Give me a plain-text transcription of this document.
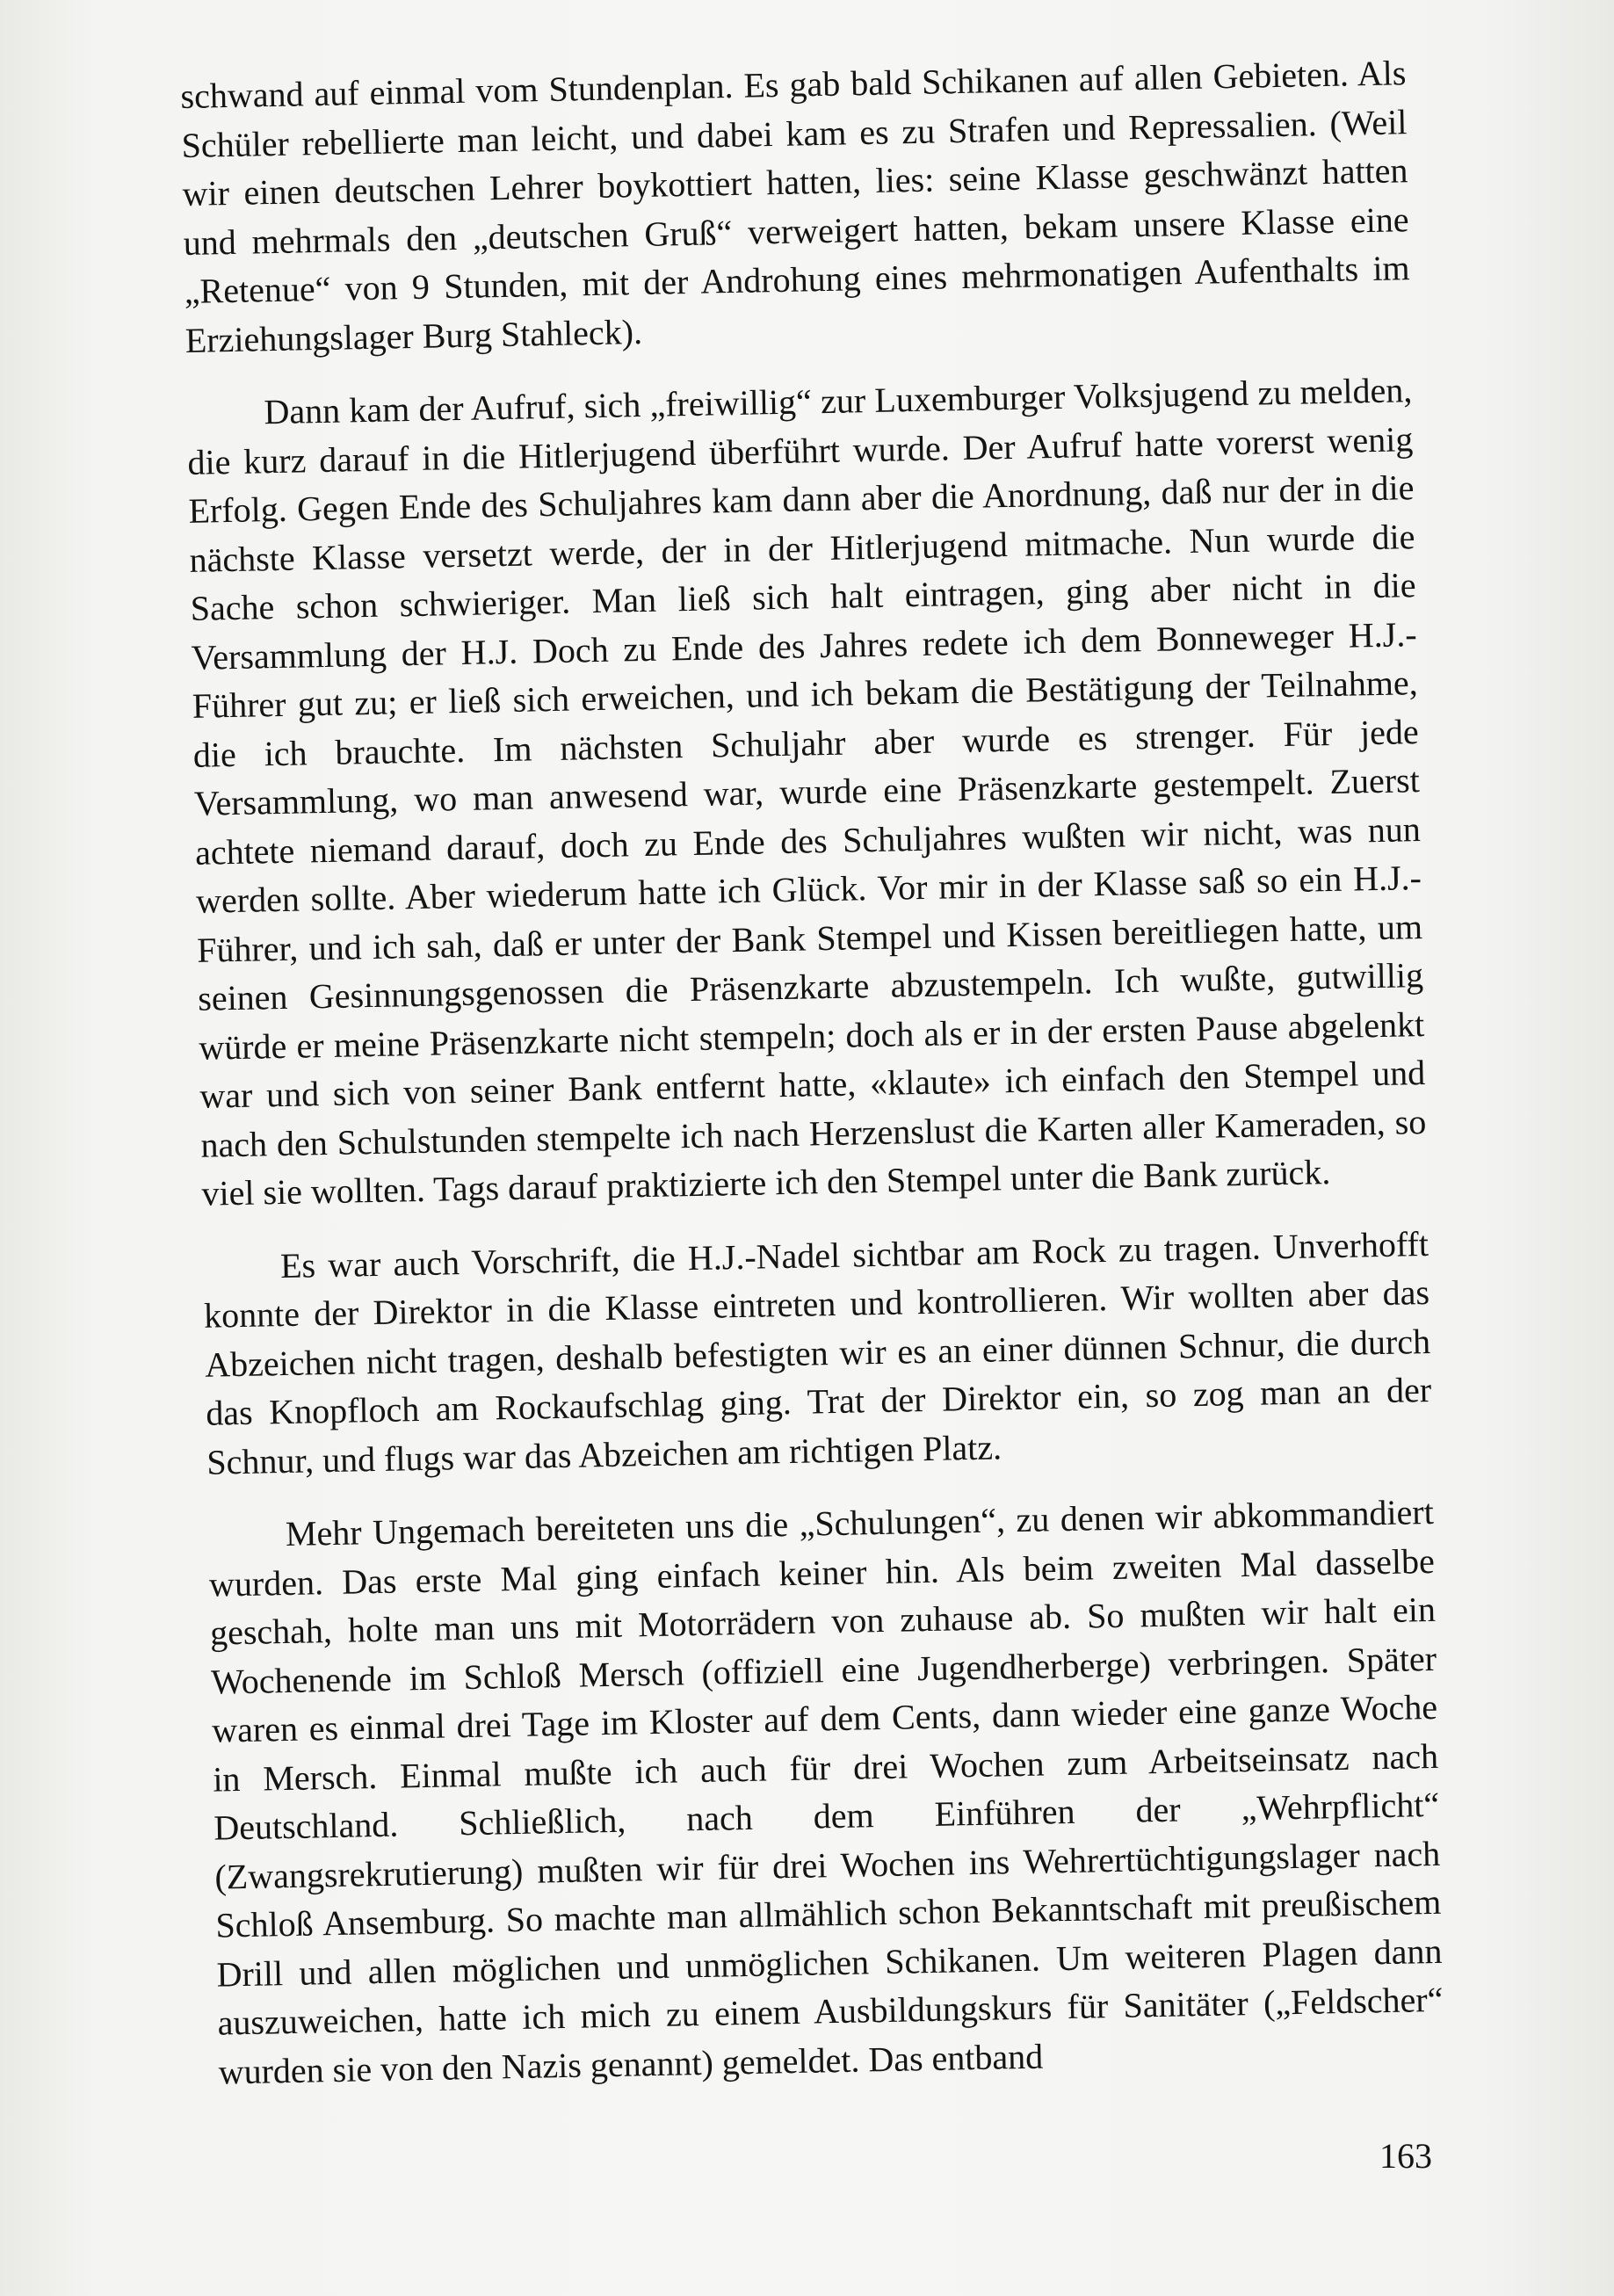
schwand auf einmal vom Stundenplan. Es gab bald Schikanen auf allen Gebieten. Als Schüler rebellierte man leicht, und dabei kam es zu Strafen und Repressalien. (Weil wir einen deutschen Lehrer boykottiert hatten, lies: seine Klasse geschwänzt hatten und mehrmals den „deutschen Gruß“ verweigert hatten, bekam unsere Klasse eine „Retenue“ von 9 Stunden, mit der Androhung eines mehrmonatigen Aufenthalts im Erziehungslager Burg Stahleck).

Dann kam der Aufruf, sich „freiwillig“ zur Luxemburger Volksjugend zu melden, die kurz darauf in die Hitlerjugend überführt wurde. Der Aufruf hatte vorerst wenig Erfolg. Gegen Ende des Schuljahres kam dann aber die Anordnung, daß nur der in die nächste Klasse versetzt werde, der in der Hitlerjugend mitmache. Nun wurde die Sache schon schwieriger. Man ließ sich halt eintragen, ging aber nicht in die Versammlung der H.J. Doch zu Ende des Jahres redete ich dem Bonneweger H.J.-Führer gut zu; er ließ sich erweichen, und ich bekam die Bestätigung der Teilnahme, die ich brauchte. Im nächsten Schuljahr aber wurde es strenger. Für jede Versammlung, wo man anwesend war, wurde eine Präsenzkarte gestempelt. Zuerst achtete niemand darauf, doch zu Ende des Schuljahres wußten wir nicht, was nun werden sollte. Aber wiederum hatte ich Glück. Vor mir in der Klasse saß so ein H.J.-Führer, und ich sah, daß er unter der Bank Stempel und Kissen bereitliegen hatte, um seinen Gesinnungsgenossen die Präsenzkarte abzustempeln. Ich wußte, gutwillig würde er meine Präsenzkarte nicht stempeln; doch als er in der ersten Pause abgelenkt war und sich von seiner Bank entfernt hatte, «klaute» ich einfach den Stempel und nach den Schulstunden stempelte ich nach Herzenslust die Karten aller Kameraden, so viel sie wollten. Tags darauf praktizierte ich den Stempel unter die Bank zurück.

Es war auch Vorschrift, die H.J.-Nadel sichtbar am Rock zu tragen. Unverhofft konnte der Direktor in die Klasse eintreten und kontrollieren. Wir wollten aber das Abzeichen nicht tragen, deshalb befestigten wir es an einer dünnen Schnur, die durch das Knopfloch am Rockaufschlag ging. Trat der Direktor ein, so zog man an der Schnur, und flugs war das Abzeichen am richtigen Platz.

Mehr Ungemach bereiteten uns die „Schulungen“, zu denen wir abkommandiert wurden. Das erste Mal ging einfach keiner hin. Als beim zweiten Mal dasselbe geschah, holte man uns mit Motorrädern von zuhause ab. So mußten wir halt ein Wochenende im Schloß Mersch (offiziell eine Jugendherberge) verbringen. Später waren es einmal drei Tage im Kloster auf dem Cents, dann wieder eine ganze Woche in Mersch. Einmal mußte ich auch für drei Wochen zum Arbeitseinsatz nach Deutschland. Schließlich, nach dem Einführen der „Wehrpflicht“ (Zwangsrekrutierung) mußten wir für drei Wochen ins Wehrertüchtigungslager nach Schloß Ansemburg. So machte man allmählich schon Bekanntschaft mit preußischem Drill und allen möglichen und unmöglichen Schikanen. Um weiteren Plagen dann auszuweichen, hatte ich mich zu einem Ausbildungskurs für Sanitäter („Feldscher“ wurden sie von den Nazis genannt) gemeldet. Das entband

163
